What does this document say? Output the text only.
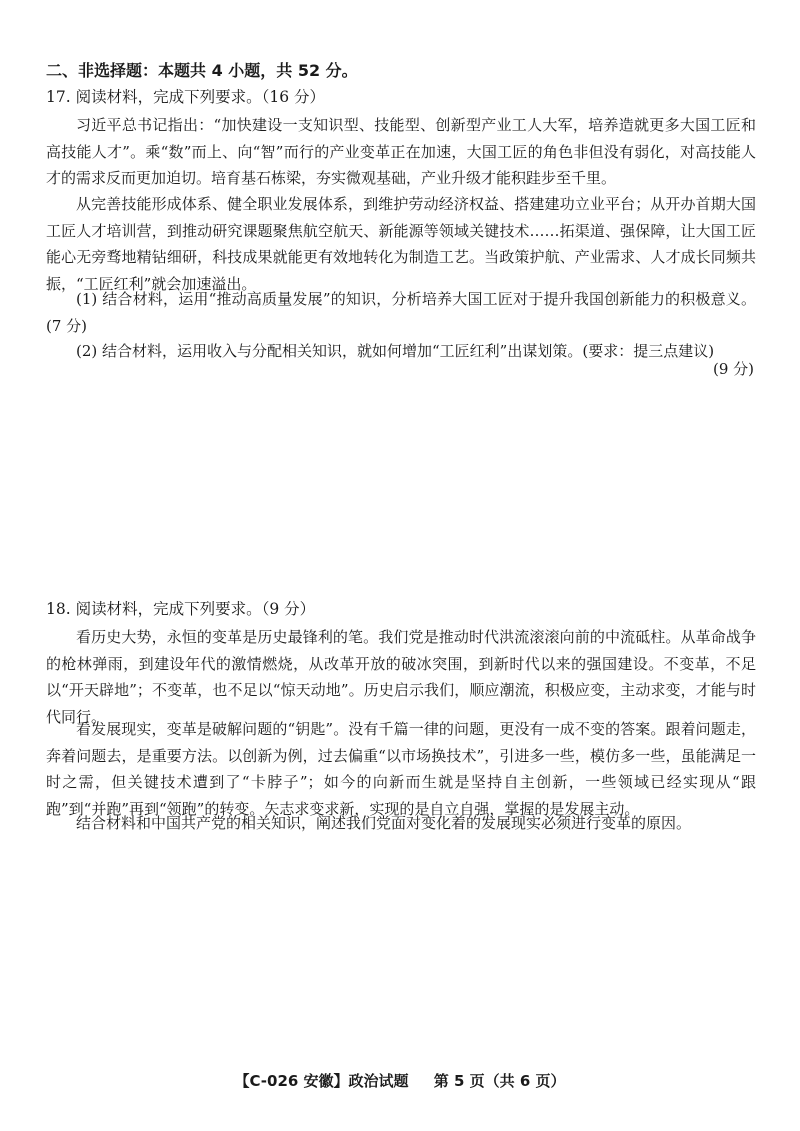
二、非选择题：本题共 4 小题，共 52 分。
17. 阅读材料，完成下列要求。（16 分）

习近平总书记指出：“加快建设一支知识型、技能型、创新型产业工人大军，培养造就更多大国工匠和高技能人才”。乘“数”而上、向“智”而行的产业变革正在加速，大国工匠的角色非但没有弱化，对高技能人才的需求反而更加迫切。培育基石栋梁，夯实微观基础，产业升级才能积跬步至千里。

从完善技能形成体系、健全职业发展体系，到维护劳动经济权益、搭建建功立业平台；从开办首期大国工匠人才培训营，到推动研究课题聚焦航空航天、新能源等领域关键技术……拓渠道、强保障，让大国工匠能心无旁骛地精钻细研，科技成果就能更有效地转化为制造工艺。当政策护航、产业需求、人才成长同频共振，“工匠红利”就会加速溢出。

(1) 结合材料，运用“推动高质量发展”的知识，分析培养大国工匠对于提升我国创新能力的积极意义。(7 分)

(2) 结合材料，运用收入与分配相关知识，就如何增加“工匠红利”出谋划策。(要求：提三点建议)

(9 分)
18. 阅读材料，完成下列要求。（9 分）

看历史大势，永恒的变革是历史最锋利的笔。我们党是推动时代洪流滚滚向前的中流砥柱。从革命战争的枪林弹雨，到建设年代的激情燃烧，从改革开放的破冰突围，到新时代以来的强国建设。不变革，不足以“开天辟地”；不变革，也不足以“惊天动地”。历史启示我们，顺应潮流，积极应变，主动求变，才能与时代同行。

看发展现实，变革是破解问题的“钥匙”。没有千篇一律的问题，更没有一成不变的答案。跟着问题走，奔着问题去，是重要方法。以创新为例，过去偏重“以市场换技术”，引进多一些，模仿多一些，虽能满足一时之需，但关键技术遭到了“卡脖子”；如今的向新而生就是坚持自主创新，一些领域已经实现从“跟跑”到“并跑”再到“领跑”的转变。矢志求变求新，实现的是自立自强，掌握的是发展主动。

结合材料和中国共产党的相关知识，阐述我们党面对变化着的发展现实必须进行变革的原因。

【C-026 安徽】政治试题 第 5 页（共 6 页）
